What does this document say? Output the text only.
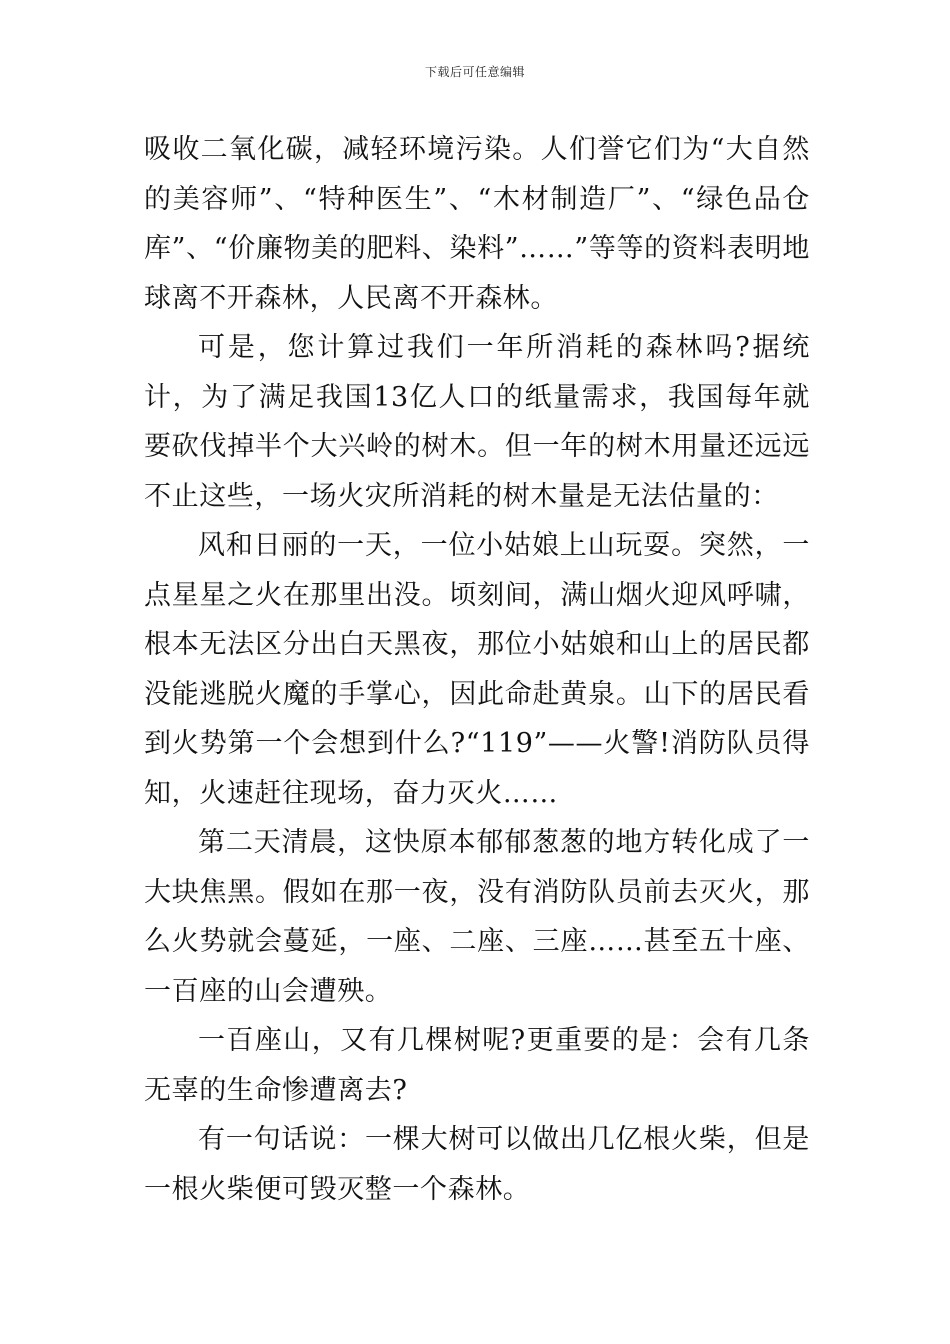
下载后可任意编辑

吸收二氧化碳，减轻环境污染。人们誉它们为“大自然的美容师”、“特种医生”、“木材制造厂”、“绿色品仓库”、“价廉物美的肥料、染料”……”等等的资料表明地球离不开森林，人民离不开森林。

可是，您计算过我们一年所消耗的森林吗?据统计，为了满足我国13亿人口的纸量需求，我国每年就要砍伐掉半个大兴岭的树木。但一年的树木用量还远远不止这些，一场火灾所消耗的树木量是无法估量的：

风和日丽的一天，一位小姑娘上山玩耍。突然，一点星星之火在那里出没。顷刻间，满山烟火迎风呼啸，根本无法区分出白天黑夜，那位小姑娘和山上的居民都没能逃脱火魔的手掌心，因此命赴黄泉。山下的居民看到火势第一个会想到什么?“119”——火警!消防队员得知，火速赶往现场，奋力灭火……

第二天清晨，这快原本郁郁葱葱的地方转化成了一大块焦黑。假如在那一夜，没有消防队员前去灭火，那么火势就会蔓延，一座、二座、三座……甚至五十座、一百座的山会遭殃。

一百座山，又有几棵树呢?更重要的是：会有几条无辜的生命惨遭离去?

有一句话说：一棵大树可以做出几亿根火柴，但是一根火柴便可毁灭整一个森林。
